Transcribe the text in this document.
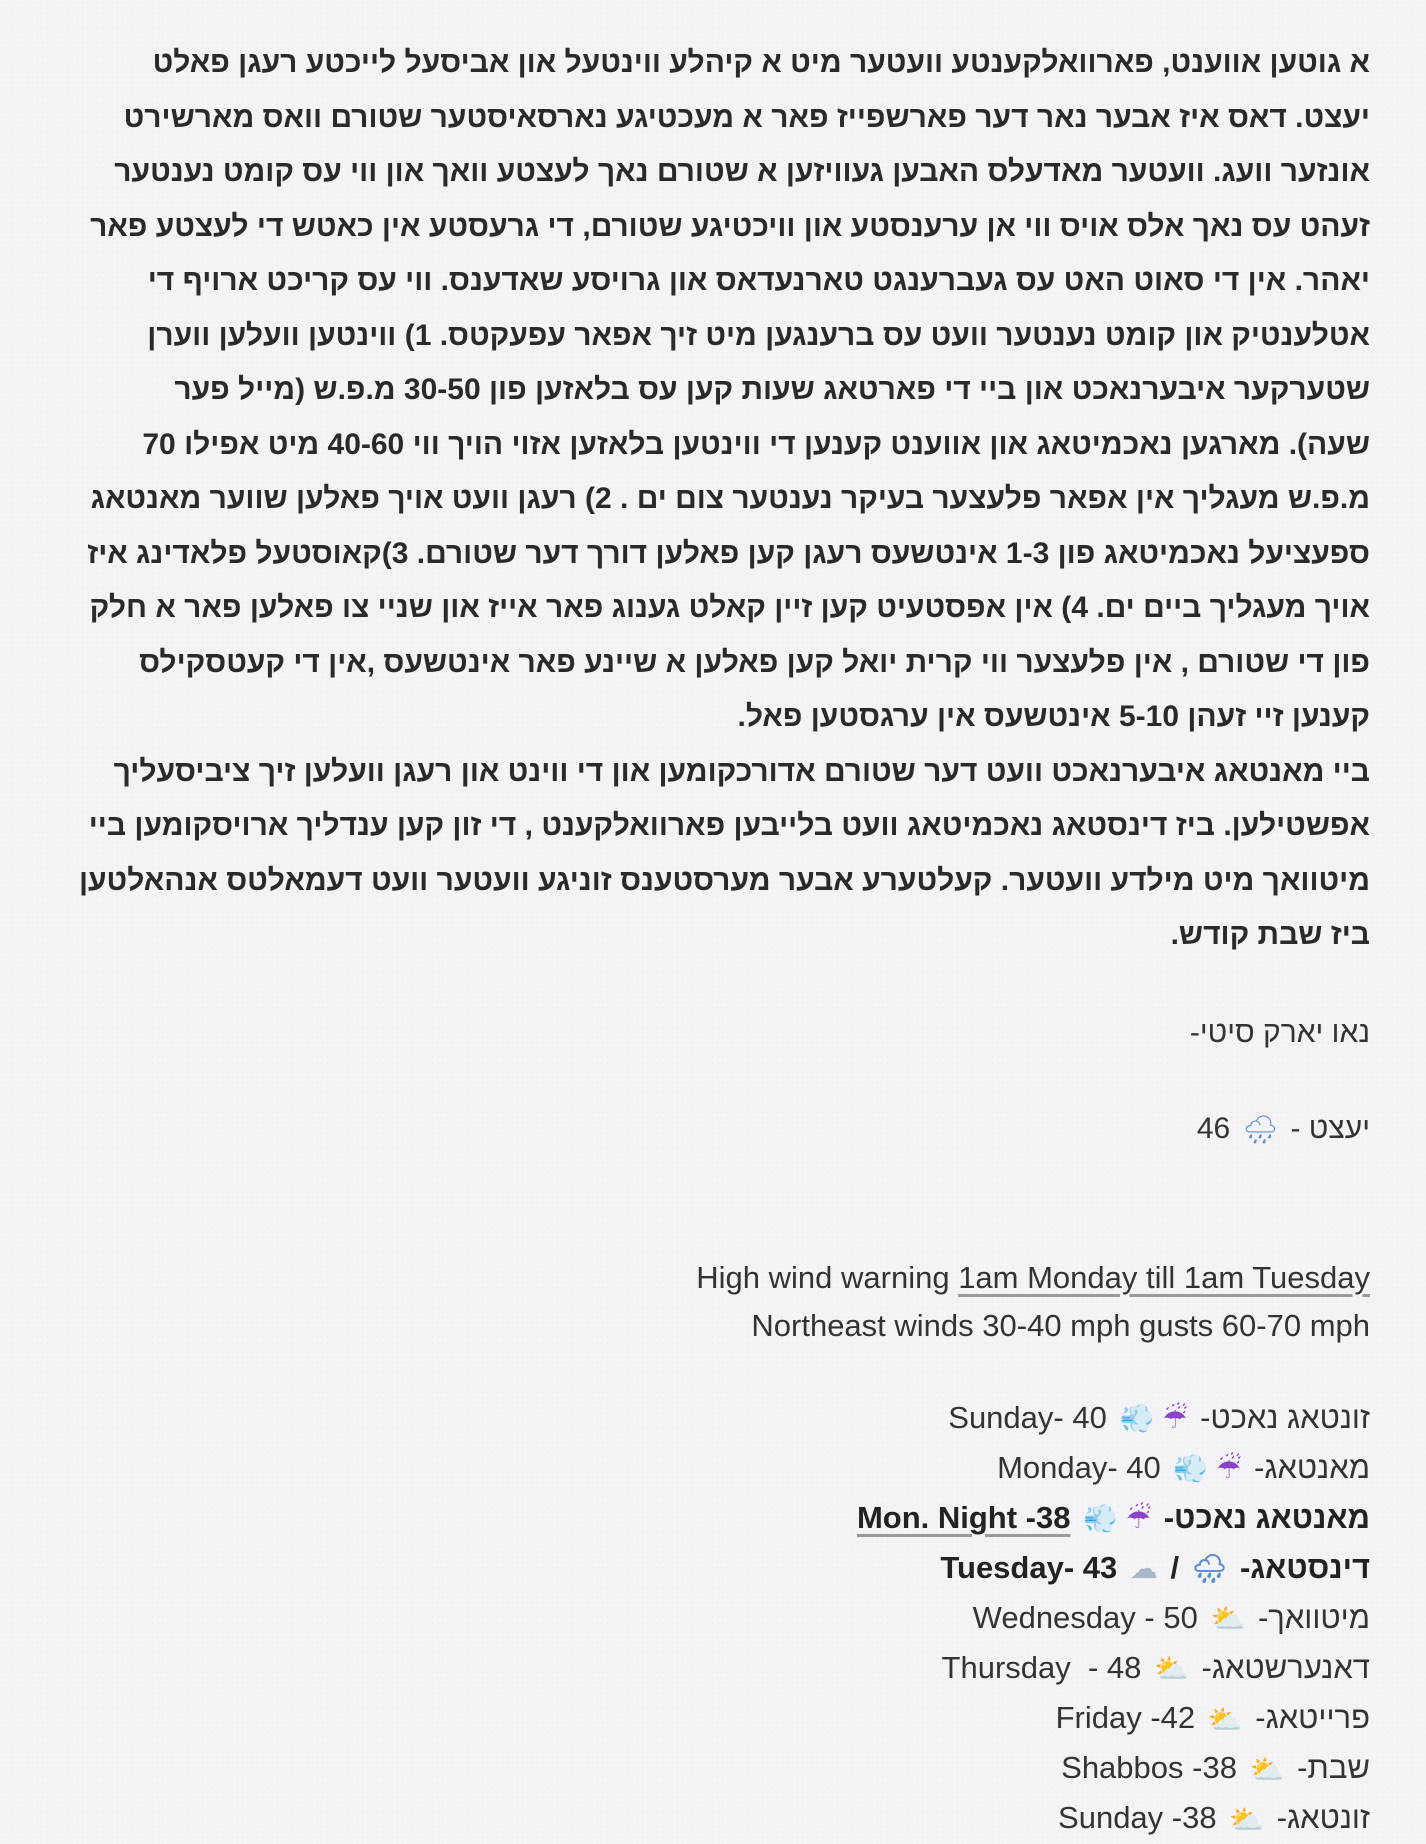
א גוטען אווענט, פארוואלקענטע וועטער מיט א קיהלע ווינטעל און אביסעל לייכטע רעגן פאלט
יעצט. דאס איז אבער נאר דער פארשפייז פאר א מעכטיגע נארסאיסטער שטורם וואס מארשירט
אונזער וועג. וועטער מאדעלס האבען געוויזען א שטורם נאך לעצטע וואך און ווי עס קומט נענטער
זעהט עס נאך אלס אויס ווי אן ערענסטע און וויכטיגע שטורם, די גרעסטע אין כאטש די לעצטע פאר
יאהר. אין די סאוט האט עס געברענגט טארנעדאס און גרויסע שאדענס. ווי עס קריכט ארויף די
אטלענטיק און קומט נענטער וועט עס ברענגען מיט זיך אפאר עפעקטס. 1) ווינטען וועלען ווערן
שטערקער איבערנאכט און ביי די פארטאג שעות קען עס בלאזען פון 30-50 מ.פ.ש (מייל פער
שעה). מארגען נאכמיטאג און אווענט קענען די ווינטען בלאזען אזוי הויך ווי 40-60 מיט אפילו 70
מ.פ.ש מעגליך אין אפאר פלעצער בעיקר נענטער צום ים . 2) רעגן וועט אויך פאלען שווער מאנטאג
ספעציעל נאכמיטאג פון 1-3 אינטשעס רעגן קען פאלען דורך דער שטורם. 3)קאוסטעל פלאדינג איז
אויך מעגליך ביים ים. 4) אין אפסטעיט קען זיין קאלט גענוג פאר אייז און שניי צו פאלען פאר א חלק
פון די שטורם , אין פלעצער ווי קרית יואל קען פאלען א שיינע פאר אינטשעס ,אין די קעטסקילס
קענען זיי זעהן 5-10 אינטשעס אין ערגסטען פאל.
ביי מאנטאג איבערנאכט וועט דער שטורם אדורכקומען און די ווינט און רעגן וועלען זיך ציביסעליך
אפשטילען. ביז דינסטאג נאכמיטאג וועט בלייבען פארוואלקענט , די זון קען ענדליך ארויסקומען ביי
מיטוואך מיט מילדע וועטער. קעלטערע אבער מערסטענס זוניגע וועטער וועט דעמאלטס אנהאלטען
ביז שבת קודש.

נאו יארק סיטי-

יעצט - 🌧 46

High wind warning 1am Monday till 1am Tuesday

Northeast winds 30-40 mph gusts 60-70 mph

זונטאג נאכט- ☔💨 Sunday- 40
מאנטאג- ☔💨 Monday- 40
מאנטאג נאכט- ☔💨 Mon. Night -38
דינסטאג- 🌧 / ☁ Tuesday- 43
מיטוואך- ⛅ Wednesday - 50
דאנערשטאג- ⛅ Thursday  - 48
פרייטאג- ⛅ Friday -42
שבת- ⛅ Shabbos -38
זונטאג- ⛅ Sunday -38
